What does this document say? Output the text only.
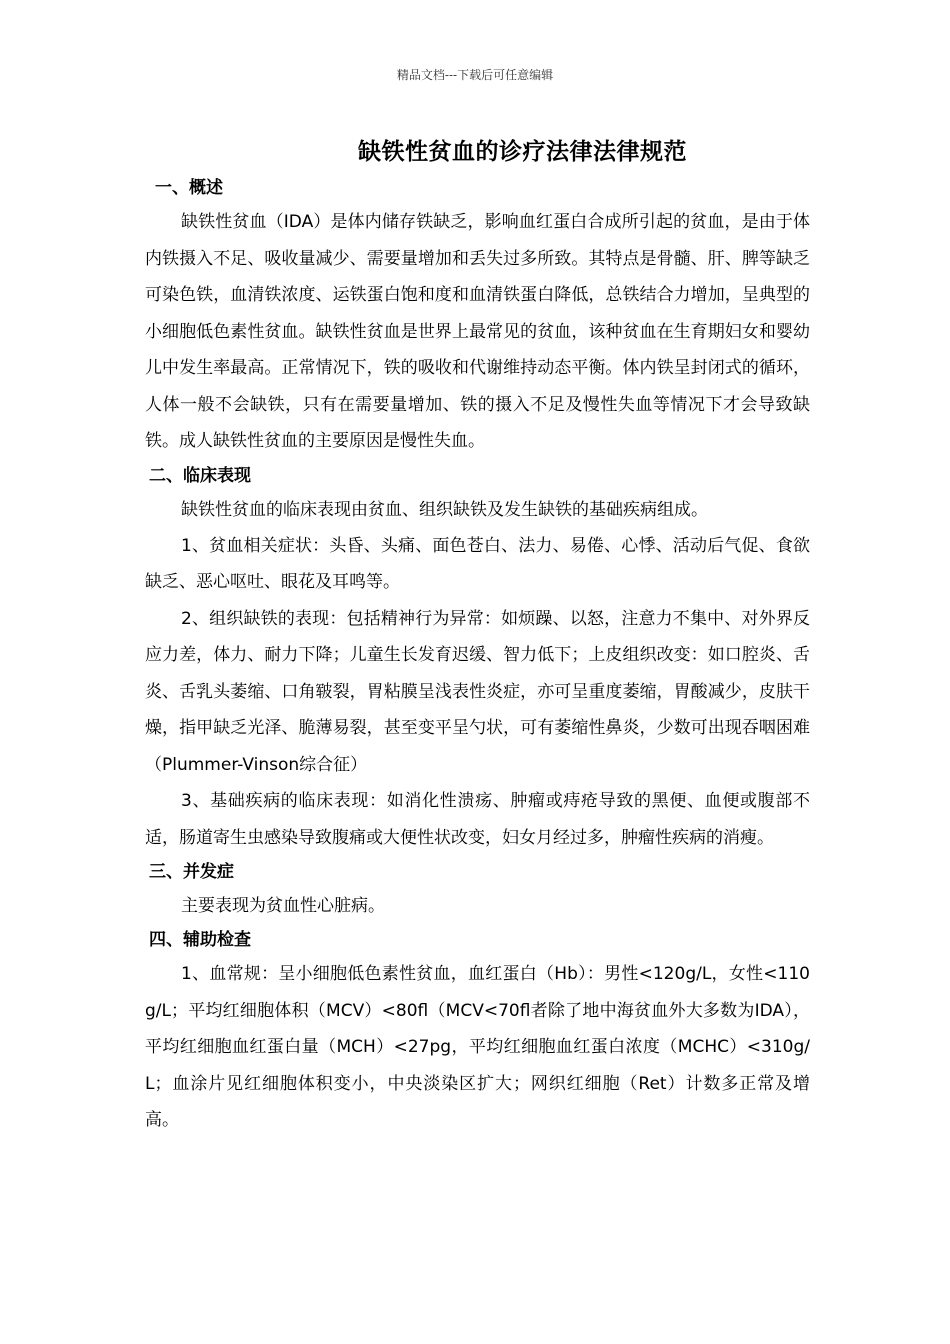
精品文档---下载后可任意编辑
缺铁性贫血的诊疗法律法律规范
一、概述
缺铁性贫血（IDA）是体内储存铁缺乏，影响血红蛋白合成所引起的贫血，是由于体内铁摄入不足、吸收量减少、需要量增加和丢失过多所致。其特点是骨髓、肝、脾等缺乏可染色铁，血清铁浓度、运铁蛋白饱和度和血清铁蛋白降低，总铁结合力增加，呈典型的小细胞低色素性贫血。缺铁性贫血是世界上最常见的贫血，该种贫血在生育期妇女和婴幼儿中发生率最高。正常情况下，铁的吸收和代谢维持动态平衡。体内铁呈封闭式的循环，人体一般不会缺铁，只有在需要量增加、铁的摄入不足及慢性失血等情况下才会导致缺铁。成人缺铁性贫血的主要原因是慢性失血。
二、临床表现
缺铁性贫血的临床表现由贫血、组织缺铁及发生缺铁的基础疾病组成。
1、贫血相关症状：头昏、头痛、面色苍白、法力、易倦、心悸、活动后气促、食欲缺乏、恶心呕吐、眼花及耳鸣等。
2、组织缺铁的表现：包括精神行为异常：如烦躁、以怒，注意力不集中、对外界反应力差，体力、耐力下降；儿童生长发育迟缓、智力低下；上皮组织改变：如口腔炎、舌炎、舌乳头萎缩、口角皲裂，胃粘膜呈浅表性炎症，亦可呈重度萎缩，胃酸减少，皮肤干燥，指甲缺乏光泽、脆薄易裂，甚至变平呈勺状，可有萎缩性鼻炎，少数可出现吞咽困难（Plummer-Vinson综合征）
3、基础疾病的临床表现：如消化性溃疡、肿瘤或痔疮导致的黑便、血便或腹部不适，肠道寄生虫感染导致腹痛或大便性状改变，妇女月经过多，肿瘤性疾病的消瘦。
三、并发症
主要表现为贫血性心脏病。
四、辅助检查
1、血常规：呈小细胞低色素性贫血，血红蛋白（Hb）：男性<120g/L，女性<110g/L；平均红细胞体积（MCV）<80fl（MCV<70fl者除了地中海贫血外大多数为IDA），平均红细胞血红蛋白量（MCH）<27pg，平均红细胞血红蛋白浓度（MCHC）<310g/L；血涂片见红细胞体积变小，中央淡染区扩大；网织红细胞（Ret）计数多正常及增高。
